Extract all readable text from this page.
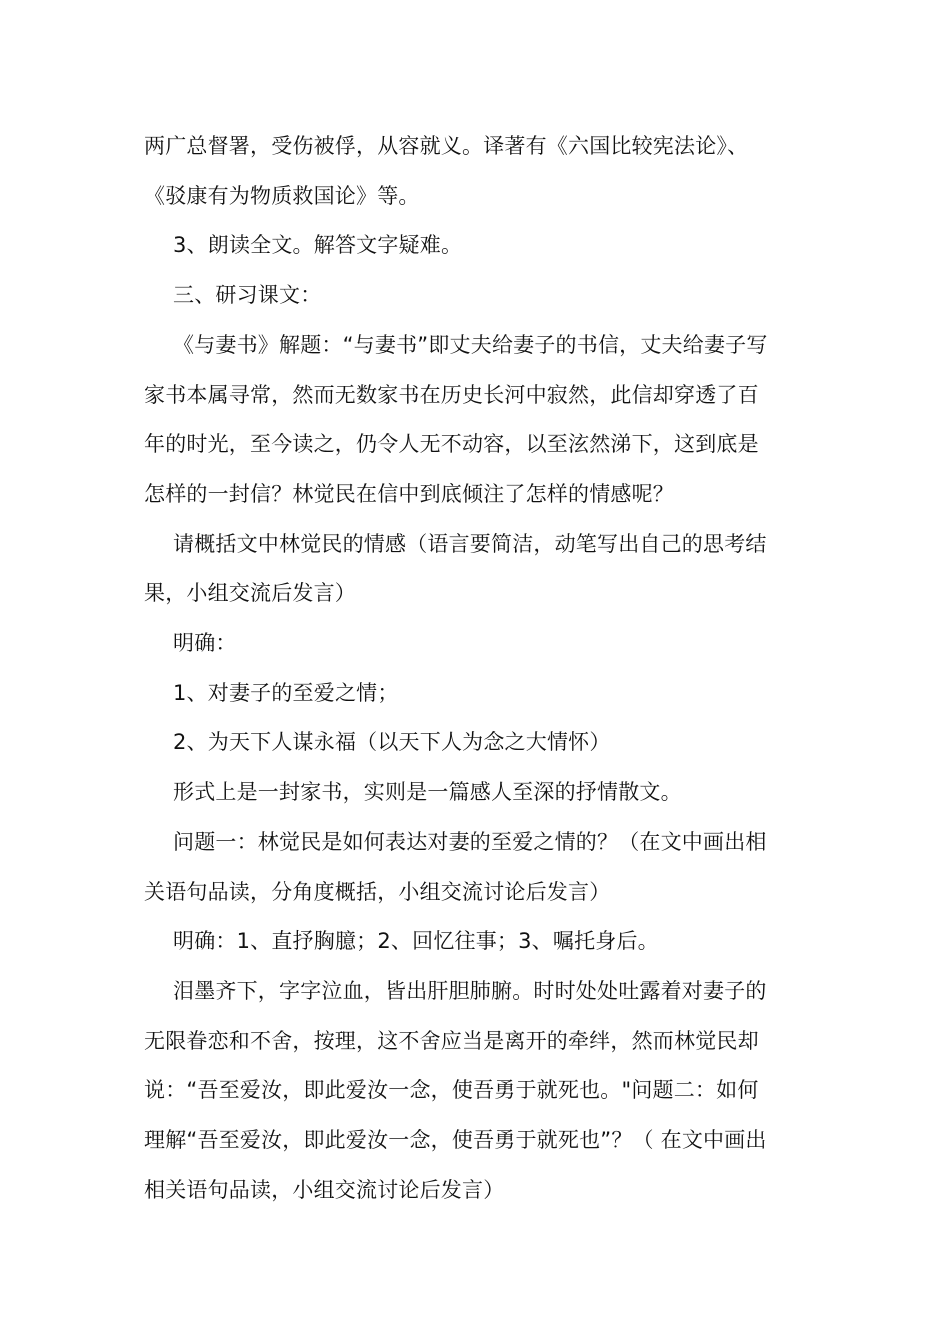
两广总督署，受伤被俘，从容就义。译著有《六国比较宪法论》、

《驳康有为物质救国论》等。

3、朗读全文。解答文字疑难。

三、研习课文：

《与妻书》解题：“与妻书”即丈夫给妻子的书信，丈夫给妻子写

家书本属寻常，然而无数家书在历史长河中寂然，此信却穿透了百

年的时光，至今读之，仍令人无不动容，以至泫然涕下，这到底是

怎样的一封信？林觉民在信中到底倾注了怎样的情感呢？

请概括文中林觉民的情感（语言要简洁，动笔写出自己的思考结

果，小组交流后发言）

明确：

1、对妻子的至爱之情；

2、为天下人谋永福（以天下人为念之大情怀）

形式上是一封家书，实则是一篇感人至深的抒情散文。

问题一：林觉民是如何表达对妻的至爱之情的？（在文中画出相

关语句品读，分角度概括，小组交流讨论后发言）

明确：1、直抒胸臆；2、回忆往事；3、嘱托身后。

泪墨齐下，字字泣血，皆出肝胆肺腑。时时处处吐露着对妻子的

无限眷恋和不舍，按理，这不舍应当是离开的牵绊，然而林觉民却

说：“吾至爱汝，即此爱汝一念，使吾勇于就死也。"问题二：如何

理解“吾至爱汝，即此爱汝一念，使吾勇于就死也”？（ 在文中画出

相关语句品读，小组交流讨论后发言）
